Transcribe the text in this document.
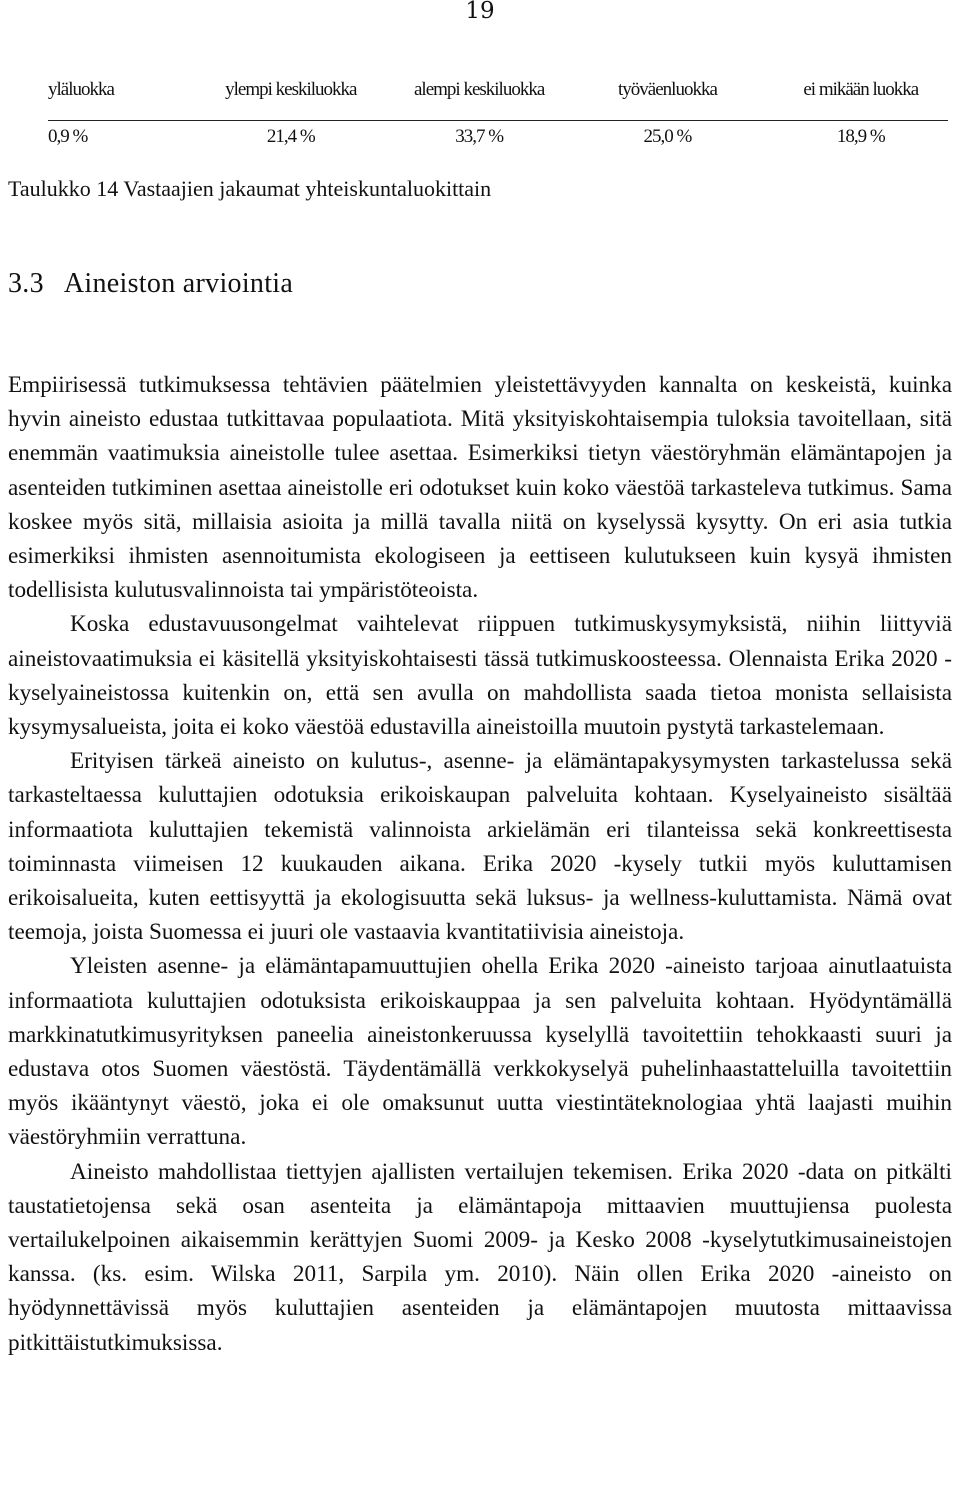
19
yläluokka	ylempi keskiluokka	alempi keskiluokka	työväenluokka	ei mikään luokka
0,9 %	21,4 %	33,7 %	25,0 %	18,9 %
Taulukko 14 Vastaajien jakaumat yhteiskuntaluokittain
3.3 Aineiston arviointia

Empiirisessä tutkimuksessa tehtävien päätelmien yleistettävyyden kannalta on keskeistä, kuinka hyvin aineisto edustaa tutkittavaa populaatiota. Mitä yksityiskohtaisempia tuloksia tavoitellaan, sitä enemmän vaatimuksia aineistolle tulee asettaa. Esimerkiksi tietyn väestöryhmän elämäntapojen ja asenteiden tutkiminen asettaa aineistolle eri odotukset kuin koko väestöä tarkasteleva tutkimus. Sama koskee myös sitä, millaisia asioita ja millä tavalla niitä on kyselyssä kysytty. On eri asia tutkia esimerkiksi ihmisten asennoitumista ekologiseen ja eettiseen kulutukseen kuin kysyä ihmisten todellisista kulutusvalinnoista tai ympäristöteoista.

Koska edustavuusongelmat vaihtelevat riippuen tutkimuskysymyksistä, niihin liittyviä aineistovaatimuksia ei käsitellä yksityiskohtaisesti tässä tutkimuskoosteessa. Olennaista Erika 2020 -kyselyaineistossa kuitenkin on, että sen avulla on mahdollista saada tietoa monista sellaisista kysymysalueista, joita ei koko väestöä edustavilla aineistoilla muutoin pystytä tarkastelemaan.

Erityisen tärkeä aineisto on kulutus-, asenne- ja elämäntapakysymysten tarkastelussa sekä tarkasteltaessa kuluttajien odotuksia erikoiskaupan palveluita kohtaan. Kyselyaineisto sisältää informaatiota kuluttajien tekemistä valinnoista arkielämän eri tilanteissa sekä konkreettisesta toiminnasta viimeisen 12 kuukauden aikana. Erika 2020 -kysely tutkii myös kuluttamisen erikoisalueita, kuten eettisyyttä ja ekologisuutta sekä luksus- ja wellness-kuluttamista. Nämä ovat teemoja, joista Suomessa ei juuri ole vastaavia kvantitatiivisia aineistoja.

Yleisten asenne- ja elämäntapamuuttujien ohella Erika 2020 -aineisto tarjoaa ainutlaatuista informaatiota kuluttajien odotuksista erikoiskauppaa ja sen palveluita kohtaan. Hyödyntämällä markkinatutkimusyrityksen paneelia aineistonkeruussa kyselyllä tavoitettiin tehokkaasti suuri ja edustava otos Suomen väestöstä. Täydentämällä verkkokyselyä puhelinhaastatteluilla tavoitettiin myös ikääntynyt väestö, joka ei ole omaksunut uutta viestintäteknologiaa yhtä laajasti muihin väestöryhmiin verrattuna.

Aineisto mahdollistaa tiettyjen ajallisten vertailujen tekemisen. Erika 2020 -data on pitkälti taustatietojensa sekä osan asenteita ja elämäntapoja mittaavien muuttujiensa puolesta vertailukelpoinen aikaisemmin kerättyjen Suomi 2009- ja Kesko 2008 -kyselytutkimusaineistojen kanssa. (ks. esim. Wilska 2011, Sarpila ym. 2010). Näin ollen Erika 2020 -aineisto on hyödynnettävissä myös kuluttajien asenteiden ja elämäntapojen muutosta mittaavissa pitkittäistutkimuksissa.
